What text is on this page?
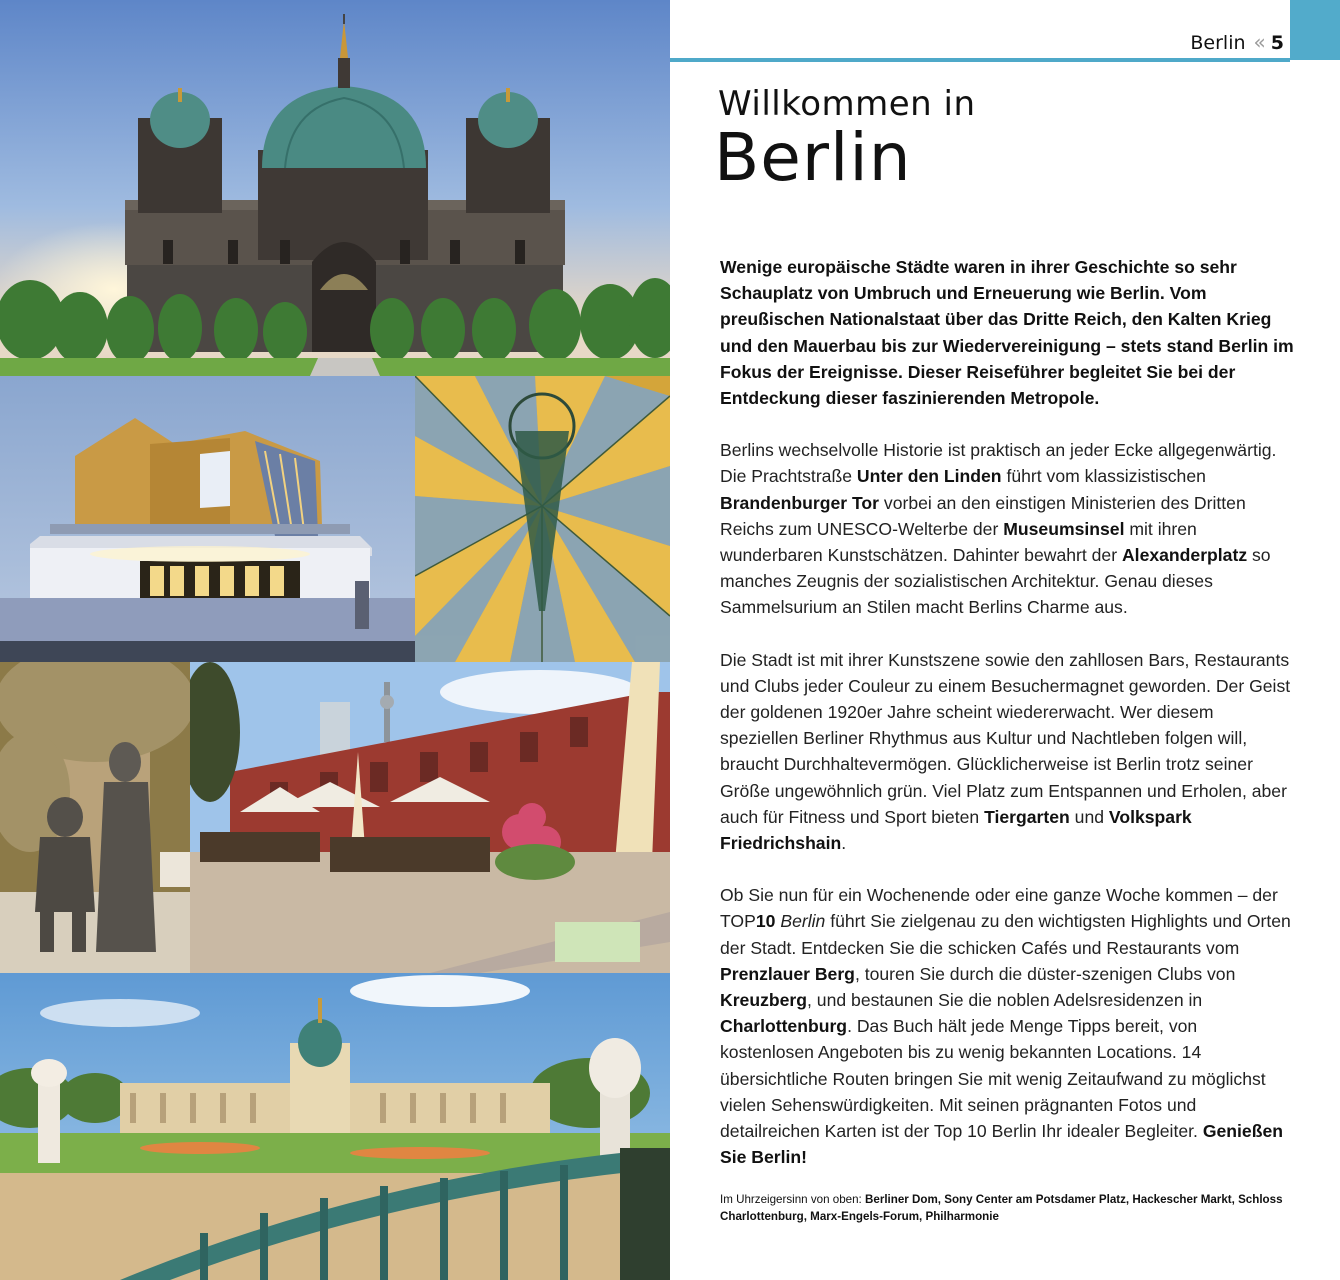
Berlin « 5
Willkommen in
Berlin

Wenige europäische Städte waren in ihrer Geschichte so sehr Schauplatz von Umbruch und Erneuerung wie Berlin. Vom preußischen Nationalstaat über das Dritte Reich, den Kalten Krieg und den Mauerbau bis zur Wiedervereinigung – stets stand Berlin im Fokus der Ereignisse. Dieser Reiseführer begleitet Sie bei der Entdeckung dieser faszinierenden Metropole.

Berlins wechselvolle Historie ist praktisch an jeder Ecke allgegenwärtig. Die Prachtstraße Unter den Linden führt vom klassizistischen Brandenburger Tor vorbei an den einstigen Ministerien des Dritten Reichs zum UNESCO-Welterbe der Museumsinsel mit ihren wunderbaren Kunstschätzen. Dahinter bewahrt der Alexanderplatz so manches Zeugnis der sozialistischen Architektur. Genau dieses Sammelsurium an Stilen macht Berlins Charme aus.

Die Stadt ist mit ihrer Kunstszene sowie den zahllosen Bars, Restaurants und Clubs jeder Couleur zu einem Besuchermagnet geworden. Der Geist der goldenen 1920er Jahre scheint wiedererwacht. Wer diesem speziellen Berliner Rhythmus aus Kultur und Nachtleben folgen will, braucht Durchhaltevermögen. Glücklicherweise ist Berlin trotz seiner Größe ungewöhnlich grün. Viel Platz zum Entspannen und Erholen, aber auch für Fitness und Sport bieten Tiergarten und Volkspark Friedrichshain.

Ob Sie nun für ein Wochenende oder eine ganze Woche kommen – der TOP10 Berlin führt Sie zielgenau zu den wichtigsten Highlights und Orten der Stadt. Entdecken Sie die schicken Cafés und Restaurants vom Prenzlauer Berg, touren Sie durch die düster-szenigen Clubs von Kreuzberg, und bestaunen Sie die noblen Adelsresidenzen in Charlottenburg. Das Buch hält jede Menge Tipps bereit, von kostenlosen Angeboten bis zu wenig bekannten Locations. 14 übersichtliche Routen bringen Sie mit wenig Zeitaufwand zu möglichst vielen Sehenswürdigkeiten. Mit seinen prägnanten Fotos und detailreichen Karten ist der Top 10 Berlin Ihr idealer Begleiter. Genießen Sie Berlin!

Im Uhrzeigersinn von oben: Berliner Dom, Sony Center am Potsdamer Platz, Hackescher Markt, Schloss Charlottenburg, Marx-Engels-Forum, Philharmonie
